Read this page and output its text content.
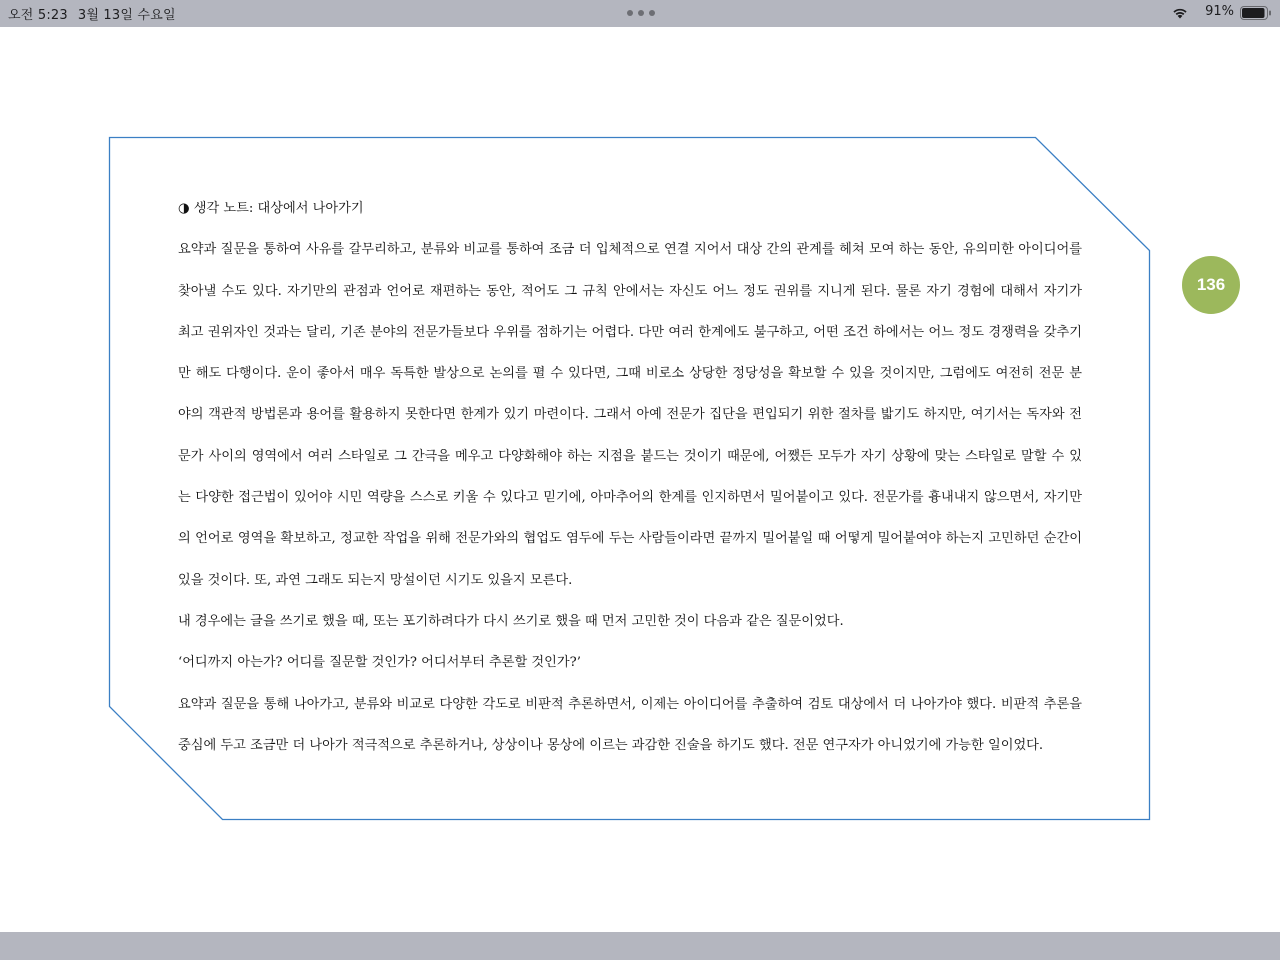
오전 5:23 3월 13일 수요일	91%
136
◑ 생각 노트: 대상에서 나아가기
요약과 질문을 통하여 사유를 갈무리하고, 분류와 비교를 통하여 조금 더 입체적으로 연결 지어서 대상 간의 관계를 헤쳐 모여 하는 동안, 유의미한 아이디어를
찾아낼 수도 있다. 자기만의 관점과 언어로 재편하는 동안, 적어도 그 규칙 안에서는 자신도 어느 정도 권위를 지니게 된다. 물론 자기 경험에 대해서 자기가
최고 권위자인 것과는 달리, 기존 분야의 전문가들보다 우위를 점하기는 어렵다. 다만 여러 한계에도 불구하고, 어떤 조건 하에서는 어느 정도 경쟁력을 갖추기
만 해도 다행이다. 운이 좋아서 매우 독특한 발상으로 논의를 펼 수 있다면, 그때 비로소 상당한 정당성을 확보할 수 있을 것이지만, 그럼에도 여전히 전문 분
야의 객관적 방법론과 용어를 활용하지 못한다면 한계가 있기 마련이다. 그래서 아예 전문가 집단을 편입되기 위한 절차를 밟기도 하지만, 여기서는 독자와 전
문가 사이의 영역에서 여러 스타일로 그 간극을 메우고 다양화해야 하는 지점을 붙드는 것이기 때문에, 어쨌든 모두가 자기 상황에 맞는 스타일로 말할 수 있
는 다양한 접근법이 있어야 시민 역량을 스스로 키울 수 있다고 믿기에, 아마추어의 한계를 인지하면서 밀어붙이고 있다. 전문가를 흉내내지 않으면서, 자기만
의 언어로 영역을 확보하고, 정교한 작업을 위해 전문가와의 협업도 염두에 두는 사람들이라면 끝까지 밀어붙일 때 어떻게 밀어붙여야 하는지 고민하던 순간이
있을 것이다. 또, 과연 그래도 되는지 망설이던 시기도 있을지 모른다.
내 경우에는 글을 쓰기로 했을 때, 또는 포기하려다가 다시 쓰기로 했을 때 먼저 고민한 것이 다음과 같은 질문이었다.
‘어디까지 아는가? 어디를 질문할 것인가? 어디서부터 추론할 것인가?’
요약과 질문을 통해 나아가고, 분류와 비교로 다양한 각도로 비판적 추론하면서, 이제는 아이디어를 추출하여 검토 대상에서 더 나아가야 했다. 비판적 추론을
중심에 두고 조금만 더 나아가 적극적으로 추론하거나, 상상이나 몽상에 이르는 과감한 진술을 하기도 했다. 전문 연구자가 아니었기에 가능한 일이었다.
